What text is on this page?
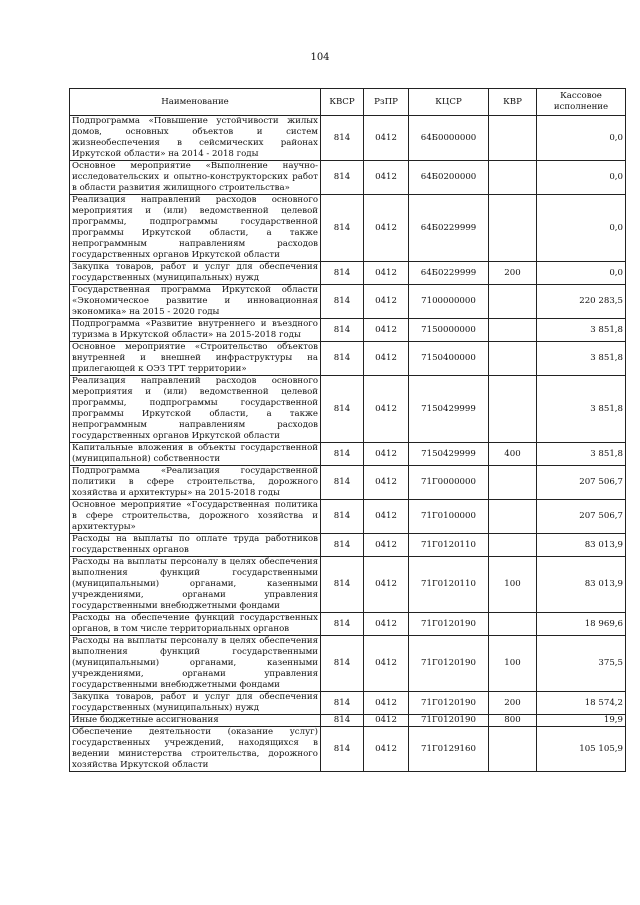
104
Наименование	КВСР	РзПР	КЦСР	КВР	Кассовое исполнение
Подпрограмма «Повышение устойчивости жилых домов, основных объектов и систем жизнеобеспечения в сейсмических районах Иркутской области» на 2014 - 2018 годы	814	0412	64Б0000000		0,0
Основное мероприятие «Выполнение научно-исследовательских и опытно-конструкторских работ в области развития жилищного строительства»	814	0412	64Б0200000		0,0
Реализация направлений расходов основного мероприятия и (или) ведомственной целевой программы, подпрограммы государственной программы Иркутской области, а также непрограммным направлениям расходов государственных органов Иркутской области	814	0412	64Б0229999		0,0
Закупка товаров, работ и услуг для обеспечения государственных (муниципальных) нужд	814	0412	64Б0229999	200	0,0
Государственная программа Иркутской области «Экономическое развитие и инновационная экономика» на 2015 - 2020 годы	814	0412	7100000000		220 283,5
Подпрограмма «Развитие внутреннего и въездного туризма в Иркутской области» на 2015-2018 годы	814	0412	7150000000		3 851,8
Основное мероприятие «Строительство объектов внутренней и внешней инфраструктуры на прилегающей к ОЭЗ ТРТ территории»	814	0412	7150400000		3 851,8
Реализация направлений расходов основного мероприятия и (или) ведомственной целевой программы, подпрограммы государственной программы Иркутской области, а также непрограммным направлениям расходов государственных органов Иркутской области	814	0412	7150429999		3 851,8
Капитальные вложения в объекты государственной (муниципальной) собственности	814	0412	7150429999	400	3 851,8
Подпрограмма «Реализация государственной политики в сфере строительства, дорожного хозяйства и архитектуры» на 2015-2018 годы	814	0412	71Г0000000		207 506,7
Основное мероприятие «Государственная политика в сфере строительства, дорожного хозяйства и архитектуры»	814	0412	71Г0100000		207 506,7
Расходы на выплаты по оплате труда работников государственных органов	814	0412	71Г0120110		83 013,9
Расходы на выплаты персоналу в целях обеспечения выполнения функций государственными (муниципальными) органами, казенными учреждениями, органами управления государственными внебюджетными фондами	814	0412	71Г0120110	100	83 013,9
Расходы на обеспечение функций государственных органов, в том числе территориальных органов	814	0412	71Г0120190		18 969,6
Расходы на выплаты персоналу в целях обеспечения выполнения функций государственными (муниципальными) органами, казенными учреждениями, органами управления государственными внебюджетными фондами	814	0412	71Г0120190	100	375,5
Закупка товаров, работ и услуг для обеспечения государственных (муниципальных) нужд	814	0412	71Г0120190	200	18 574,2
Иные бюджетные ассигнования	814	0412	71Г0120190	800	19,9
Обеспечение деятельности (оказание услуг) государственных учреждений, находящихся в ведении министерства строительства, дорожного хозяйства Иркутской области	814	0412	71Г0129160		105 105,9
